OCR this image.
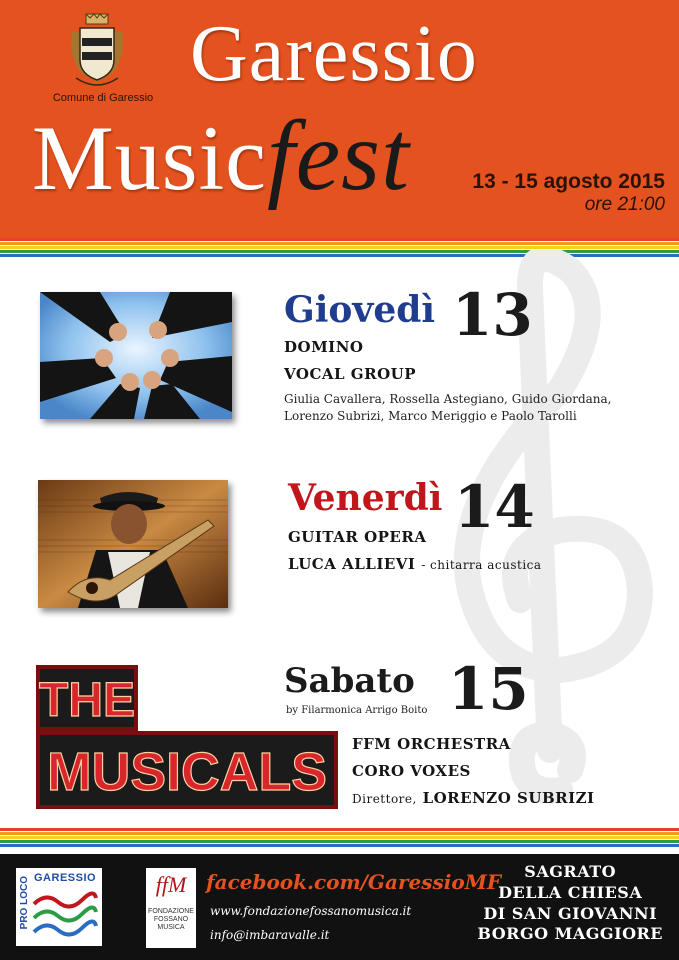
Comune di Garessio Garessio
Musicfest	13 - 15 agosto 2015
ore 21:00
Giovedì 13
DOMINO
VOCAL GROUP
Giulia Cavallera, Rossella Astegiano, Guido Giordana,
Lorenzo Subrizi, Marco Meriggio e Paolo Tarolli
Venerdì 14
GUITAR OPERA
LUCA ALLIEVI - chitarra acustica
THE
MUSICALS
Sabato 15
by Filarmonica Arrigo Boito
FFM ORCHESTRA
CORO VOXES
Direttore, LORENZO SUBRIZI
PRO LOCO GARESSIO	ffM
FONDAZIONE
FOSSANO
MUSICA
facebook.com/GaressioMF
www.fondazionefossanomusica.it
info@imbaravalle.it
SAGRATO
DELLA CHIESA
DI SAN GIOVANNI
BORGO MAGGIORE
